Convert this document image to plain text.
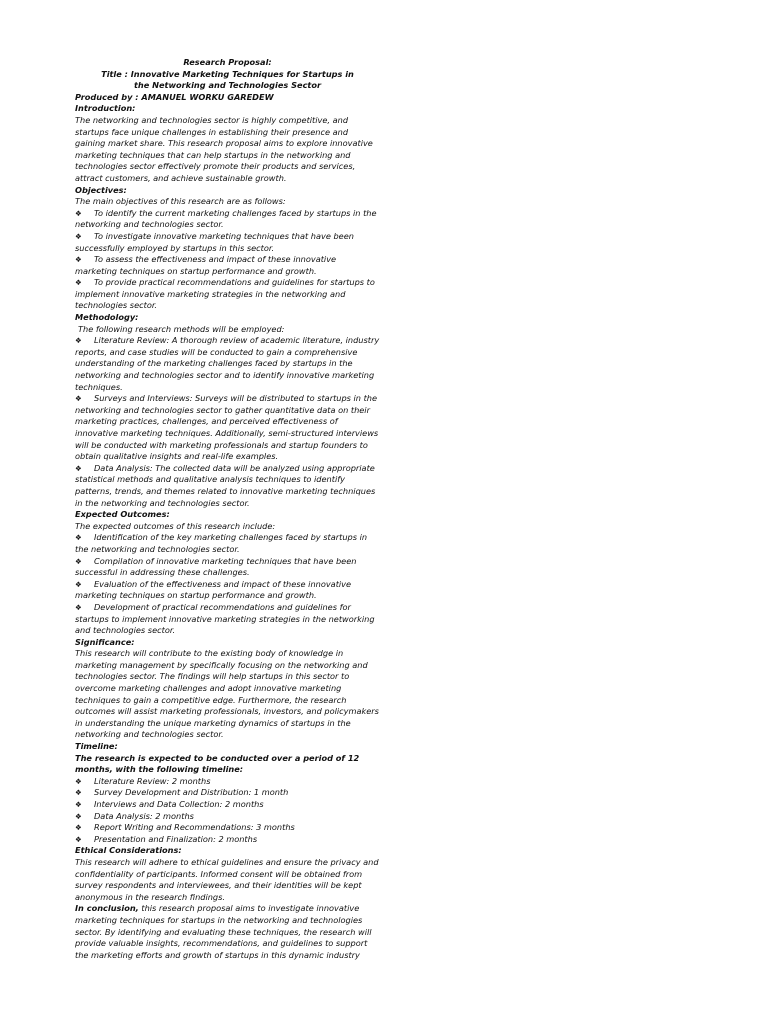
Research Proposal:
Title : Innovative Marketing Techniques for Startups in
the Networking and Technologies Sector
Produced by : AMANUEL WORKU GAREDEW
Introduction:

The networking and technologies sector is highly competitive, and startups face unique challenges in establishing their presence and gaining market share. This research proposal aims to explore innovative marketing techniques that can help startups in the networking and technologies sector effectively promote their products and services, attract customers, and achieve sustainable growth.

Objectives:
The main objectives of this research are as follows:
❖ To identify the current marketing challenges faced by startups in the networking and technologies sector.
❖ To investigate innovative marketing techniques that have been successfully employed by startups in this sector.
❖ To assess the effectiveness and impact of these innovative marketing techniques on startup performance and growth.
❖ To provide practical recommendations and guidelines for startups to implement innovative marketing strategies in the networking and technologies sector.
Methodology:
The following research methods will be employed:
❖ Literature Review: A thorough review of academic literature, industry reports, and case studies will be conducted to gain a comprehensive understanding of the marketing challenges faced by startups in the networking and technologies sector and to identify innovative marketing techniques.
❖ Surveys and Interviews: Surveys will be distributed to startups in the networking and technologies sector to gather quantitative data on their marketing practices, challenges, and perceived effectiveness of innovative marketing techniques. Additionally, semi-structured interviews will be conducted with marketing professionals and startup founders to obtain qualitative insights and real-life examples.
❖ Data Analysis: The collected data will be analyzed using appropriate statistical methods and qualitative analysis techniques to identify patterns, trends, and themes related to innovative marketing techniques in the networking and technologies sector.
Expected Outcomes:
The expected outcomes of this research include:
❖ Identification of the key marketing challenges faced by startups in the networking and technologies sector.
❖ Compilation of innovative marketing techniques that have been successful in addressing these challenges.
❖ Evaluation of the effectiveness and impact of these innovative marketing techniques on startup performance and growth.
❖ Development of practical recommendations and guidelines for startups to implement innovative marketing strategies in the networking and technologies sector.
Significance:

This research will contribute to the existing body of knowledge in marketing management by specifically focusing on the networking and technologies sector. The findings will help startups in this sector to overcome marketing challenges and adopt innovative marketing techniques to gain a competitive edge. Furthermore, the research outcomes will assist marketing professionals, investors, and policymakers in understanding the unique marketing dynamics of startups in the networking and technologies sector.

Timeline:
The research is expected to be conducted over a period of 12 months, with the following timeline:
❖ Literature Review: 2 months
❖ Survey Development and Distribution: 1 month
❖ Interviews and Data Collection: 2 months
❖ Data Analysis: 2 months
❖ Report Writing and Recommendations: 3 months
❖ Presentation and Finalization: 2 months
Ethical Considerations:

This research will adhere to ethical guidelines and ensure the privacy and confidentiality of participants. Informed consent will be obtained from survey respondents and interviewees, and their identities will be kept anonymous in the research findings.

In conclusion, this research proposal aims to investigate innovative marketing techniques for startups in the networking and technologies sector. By identifying and evaluating these techniques, the research will provide valuable insights, recommendations, and guidelines to support the marketing efforts and growth of startups in this dynamic industry
